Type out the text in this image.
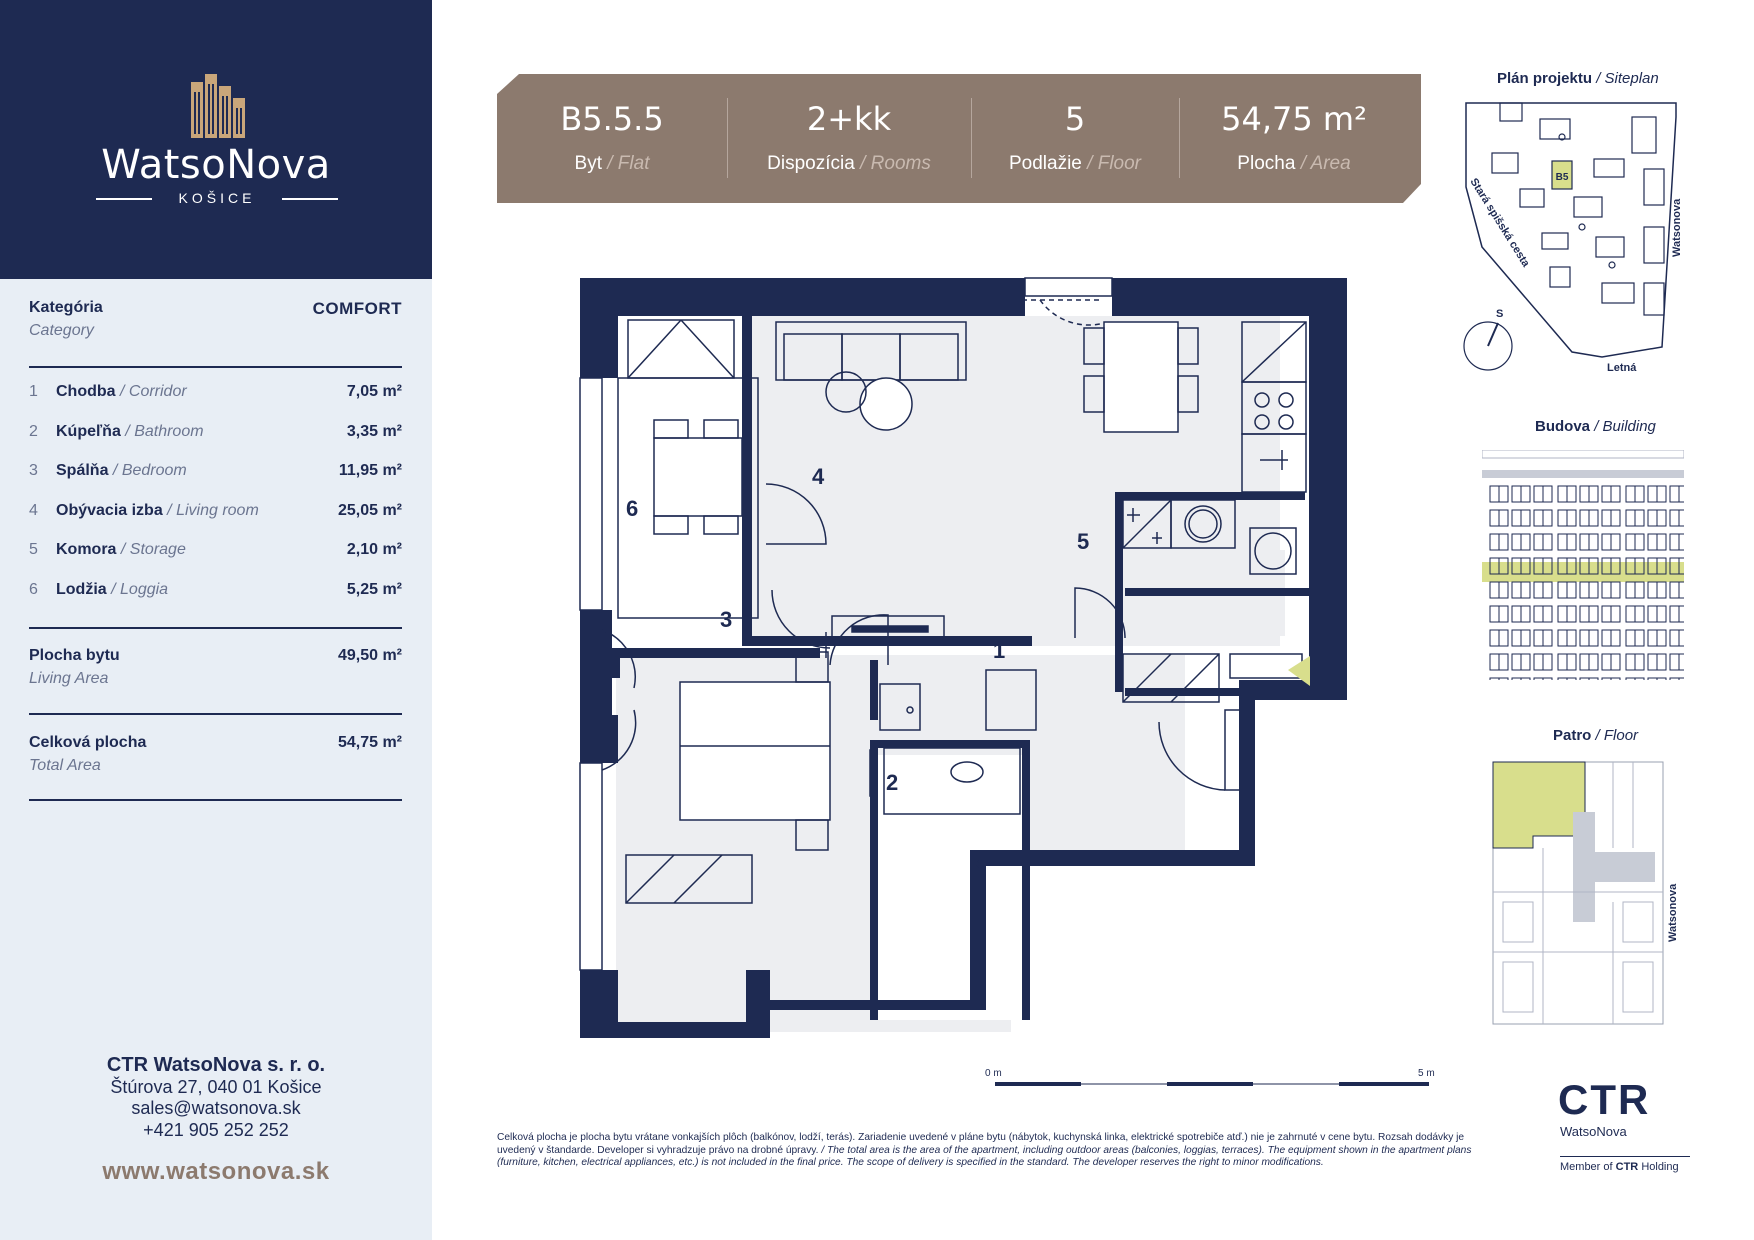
WatsoNova
KOŠICE
Kategória
Category
COMFORT
1 Chodba / Corridor	7,05 m²
2 Kúpeľňa / Bathroom	3,35 m²
3 Spálňa / Bedroom	11,95 m²
4 Obývacia izba / Living room	25,05 m²
5 Komora / Storage	2,10 m²
6 Lodžia / Loggia	5,25 m²
Plocha bytu
Living Area
49,50 m²
Celková plocha
Total Area
54,75 m²
CTR WatsoNova s. r. o.
Štúrova 27, 040 01 Košice
sales@watsonova.sk
+421 905 252 252
www.watsonova.sk
B5.5.5
Byt / Flat
2+kk
Dispozícia / Rooms
5
Podlažie / Floor
54,75 m²
Plocha / Area
4
6
5
3
1
2
Plán projektu / Siteplan
B5
Stará spišská cesta	Watsonova
Letná
S
Budova / Building
Patro / Floor
Watsonova
0 m	5 m
Celková plocha je plocha bytu vrátane vonkajších plôch (balkónov, lodží, terás). Zariadenie uvedené v pláne bytu (nábytok, kuchynská linka, elektrické spotrebiče atď.) nie je zahrnuté v cene bytu. Rozsah dodávky je uvedený v štandarde. Developer si vyhradzuje právo na drobné úpravy. / The total area is the area of the apartment, including outdoor areas (balconies, loggias, terraces). The equipment shown in the apartment plans (furniture, kitchen, electrical appliances, etc.) is not included in the final price. The scope of delivery is specified in the standard. The developer reserves the right to minor modifications.
CTR
WatsoNova
Member of CTR Holding
